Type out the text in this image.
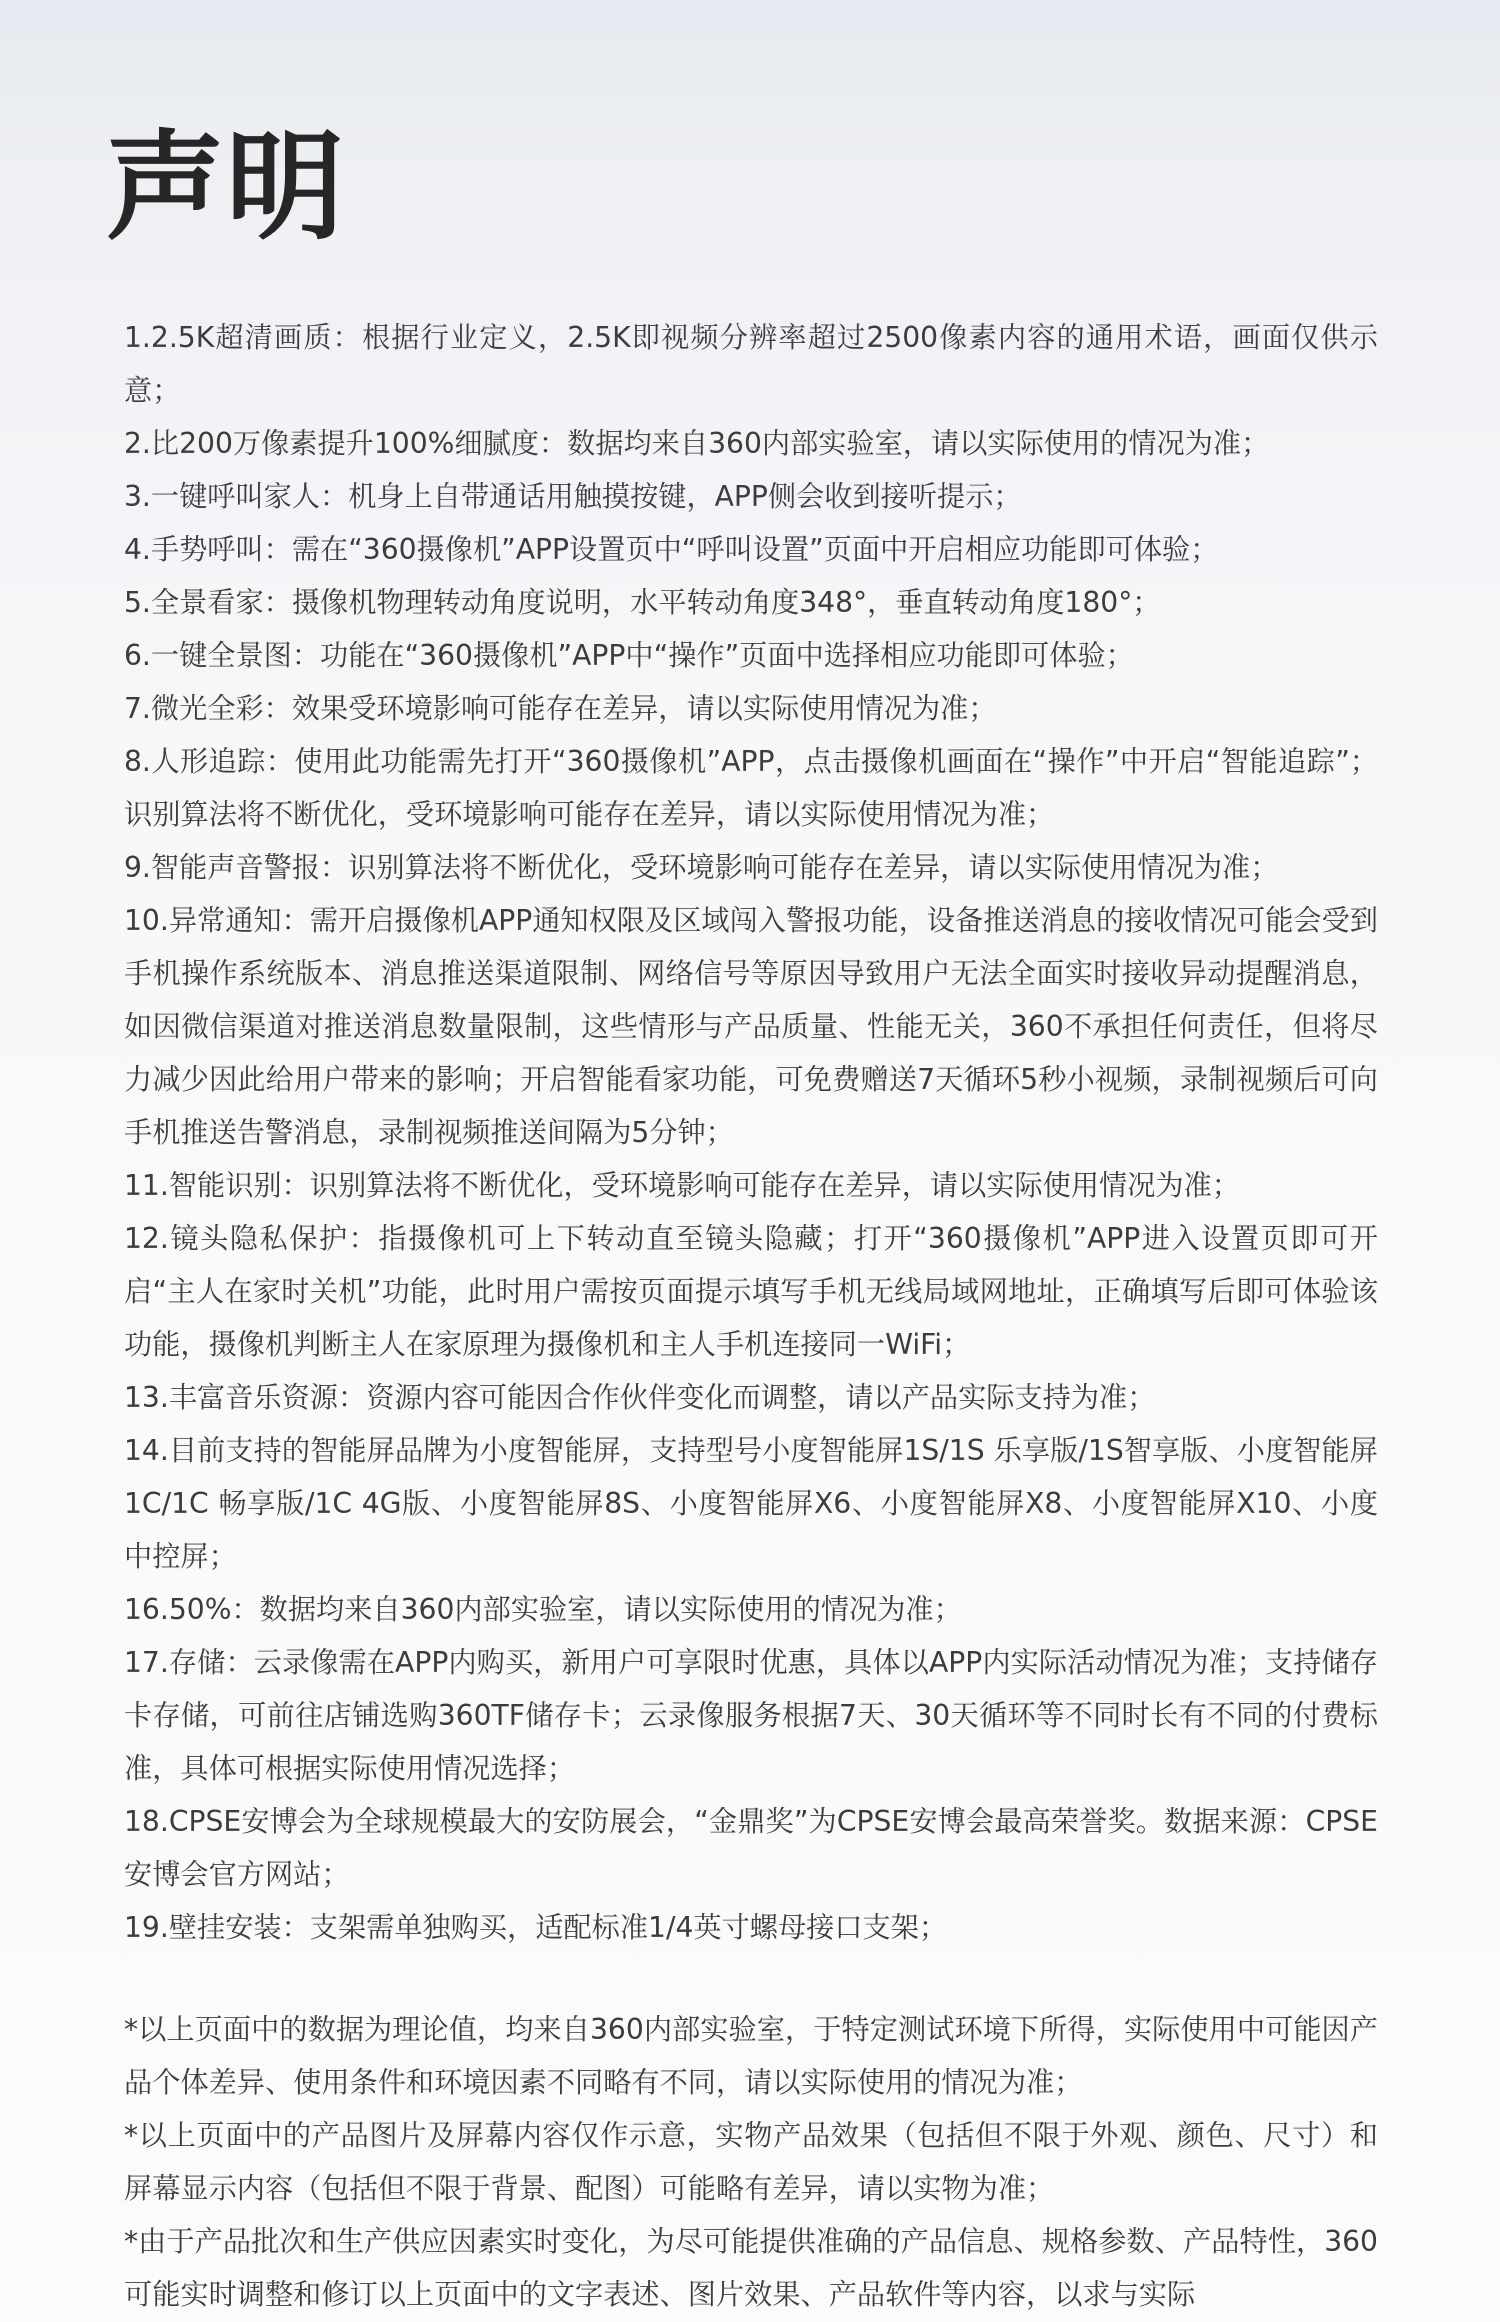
声明
1.2.5K超清画质：根据行业定义，2.5K即视频分辨率超过2500像素内容的通用术语，画面仅供示意；
2.比200万像素提升100%细腻度：数据均来自360内部实验室，请以实际使用的情况为准；
3.一键呼叫家人：机身上自带通话用触摸按键，APP侧会收到接听提示；
4.手势呼叫：需在“360摄像机”APP设置页中“呼叫设置”页面中开启相应功能即可体验；
5.全景看家：摄像机物理转动角度说明，水平转动角度348°，垂直转动角度180°；
6.一键全景图：功能在“360摄像机”APP中“操作”页面中选择相应功能即可体验；
7.微光全彩：效果受环境影响可能存在差异，请以实际使用情况为准；
8.人形追踪：使用此功能需先打开“360摄像机”APP，点击摄像机画面在“操作”中开启“智能追踪”；识别算法将不断优化，受环境影响可能存在差异，请以实际使用情况为准；
9.智能声音警报：识别算法将不断优化，受环境影响可能存在差异，请以实际使用情况为准；
10.异常通知：需开启摄像机APP通知权限及区域闯入警报功能，设备推送消息的接收情况可能会受到手机操作系统版本、消息推送渠道限制、网络信号等原因导致用户无法全面实时接收异动提醒消息，如因微信渠道对推送消息数量限制，这些情形与产品质量、性能无关，360不承担任何责任，但将尽力减少因此给用户带来的影响；开启智能看家功能，可免费赠送7天循环5秒小视频，录制视频后可向手机推送告警消息，录制视频推送间隔为5分钟；
11.智能识别：识别算法将不断优化，受环境影响可能存在差异，请以实际使用情况为准；
12.镜头隐私保护：指摄像机可上下转动直至镜头隐藏；打开“360摄像机”APP进入设置页即可开启“主人在家时关机”功能，此时用户需按页面提示填写手机无线局域网地址，正确填写后即可体验该功能，摄像机判断主人在家原理为摄像机和主人手机连接同一WiFi；
13.丰富音乐资源：资源内容可能因合作伙伴变化而调整，请以产品实际支持为准；
14.目前支持的智能屏品牌为小度智能屏，支持型号小度智能屏1S/1S 乐享版/1S智享版、小度智能屏1C/1C 畅享版/1C 4G版、小度智能屏8S、小度智能屏X6、小度智能屏X8、小度智能屏X10、小度中控屏；
16.50%：数据均来自360内部实验室，请以实际使用的情况为准；
17.存储：云录像需在APP内购买，新用户可享限时优惠，具体以APP内实际活动情况为准；支持储存卡存储，可前往店铺选购360TF储存卡；云录像服务根据7天、30天循环等不同时长有不同的付费标准，具体可根据实际使用情况选择；
18.CPSE安博会为全球规模最大的安防展会，“金鼎奖”为CPSE安博会最高荣誉奖。数据来源：CPSE安博会官方网站；
19.壁挂安装：支架需单独购买，适配标准1/4英寸螺母接口支架；
*以上页面中的数据为理论值，均来自360内部实验室，于特定测试环境下所得，实际使用中可能因产品个体差异、使用条件和环境因素不同略有不同，请以实际使用的情况为准；
*以上页面中的产品图片及屏幕内容仅作示意，实物产品效果（包括但不限于外观、颜色、尺寸）和屏幕显示内容（包括但不限于背景、配图）可能略有差异，请以实物为准；
*由于产品批次和生产供应因素实时变化，为尽可能提供准确的产品信息、规格参数、产品特性，360可能实时调整和修订以上页面中的文字表述、图片效果、产品软件等内容，以求与实际
